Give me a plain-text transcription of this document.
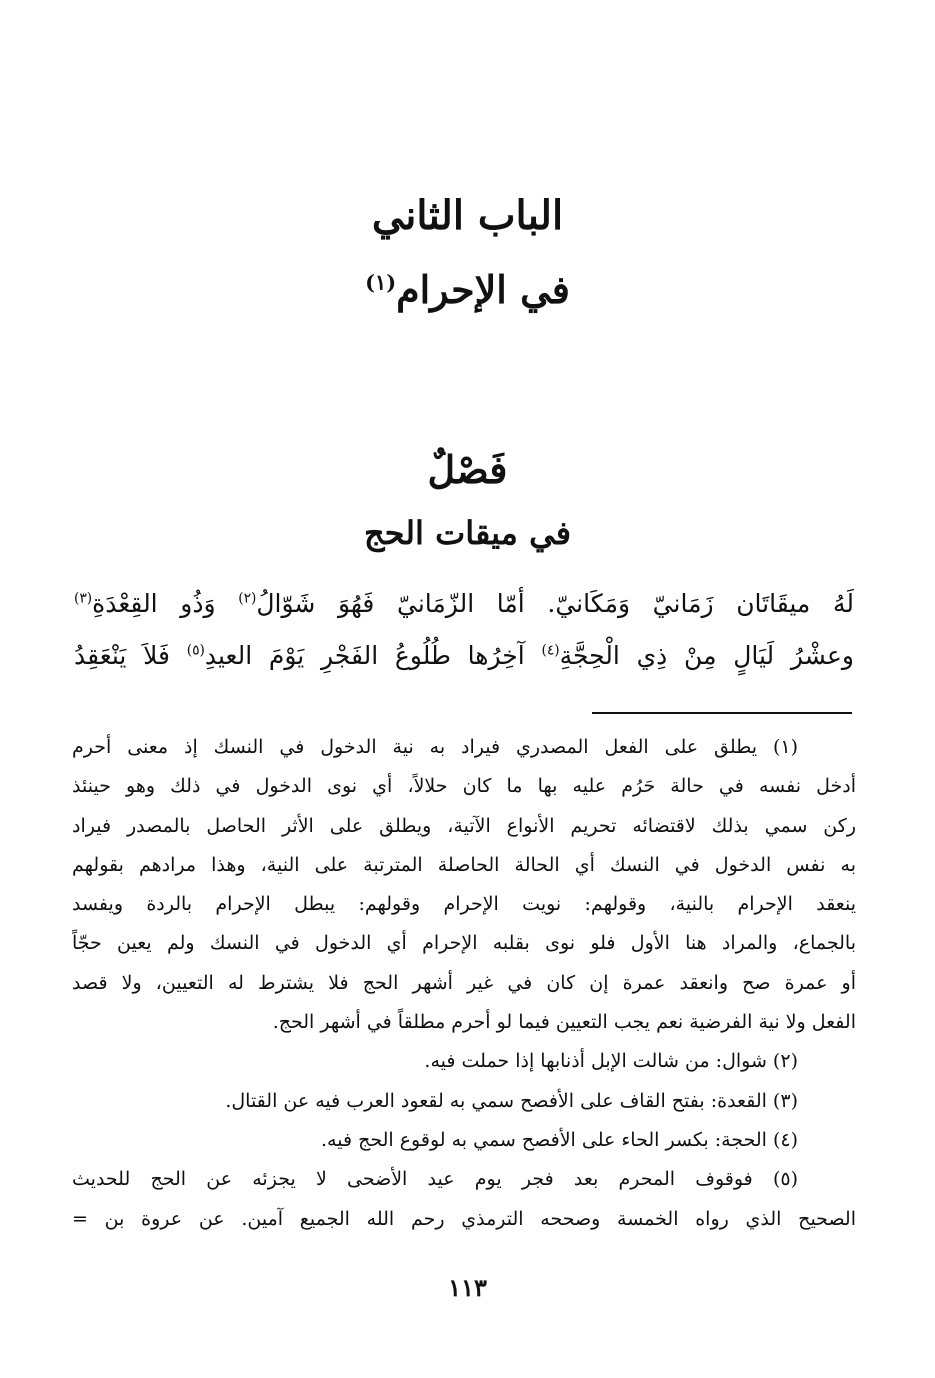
الباب الثاني
في الإحرام$^{(١)}$
فَصْلٌ
في ميقات الحج
لَهُ ميقَاتَان زَمَانيّ وَمَكَانيّ. أمّا الزّمَانيّ فَهُوَ شَوّالُ$^{(٢)}$ وَذُو القِعْدَةِ$^{(٣)}$
وعشْرُ لَيَالٍ مِنْ ذِي الْحِجَّةِ$^{(٤)}$ آخِرُها طُلُوعُ الفَجْرِ يَوْمَ العيدِ$^{(٥)}$ فَلاَ يَنْعَقِدُ
(١) يطلق على الفعل المصدري فيراد به نية الدخول في النسك إذ معنى أحرم
أدخل نفسه في حالة حَرُم عليه بها ما كان حلالاً، أي نوى الدخول في ذلك وهو حينئذ
ركن سمي بذلك لاقتضائه تحريم الأنواع الآتية، ويطلق على الأثر الحاصل بالمصدر فيراد
به نفس الدخول في النسك أي الحالة الحاصلة المترتبة على النية، وهذا مرادهم بقولهم
ينعقد الإحرام بالنية، وقولهم: نويت الإحرام وقولهم: يبطل الإحرام بالردة ويفسد
بالجماع، والمراد هنا الأول فلو نوى بقلبه الإحرام أي الدخول في النسك ولم يعين حجّاً
أو عمرة صح وانعقد عمرة إن كان في غير أشهر الحج فلا يشترط له التعيين، ولا قصد
الفعل ولا نية الفرضية نعم يجب التعيين فيما لو أحرم مطلقاً في أشهر الحج.
(٢) شوال: من شالت الإبل أذنابها إذا حملت فيه.
(٣) القعدة: بفتح القاف على الأفصح سمي به لقعود العرب فيه عن القتال.
(٤) الحجة: بكسر الحاء على الأفصح سمي به لوقوع الحج فيه.
(٥) فوقوف المحرم بعد فجر يوم عيد الأضحى لا يجزئه عن الحج للحديث
الصحيح الذي رواه الخمسة وصححه الترمذي رحم الله الجميع آمين. عن عروة بن =
١١٣
